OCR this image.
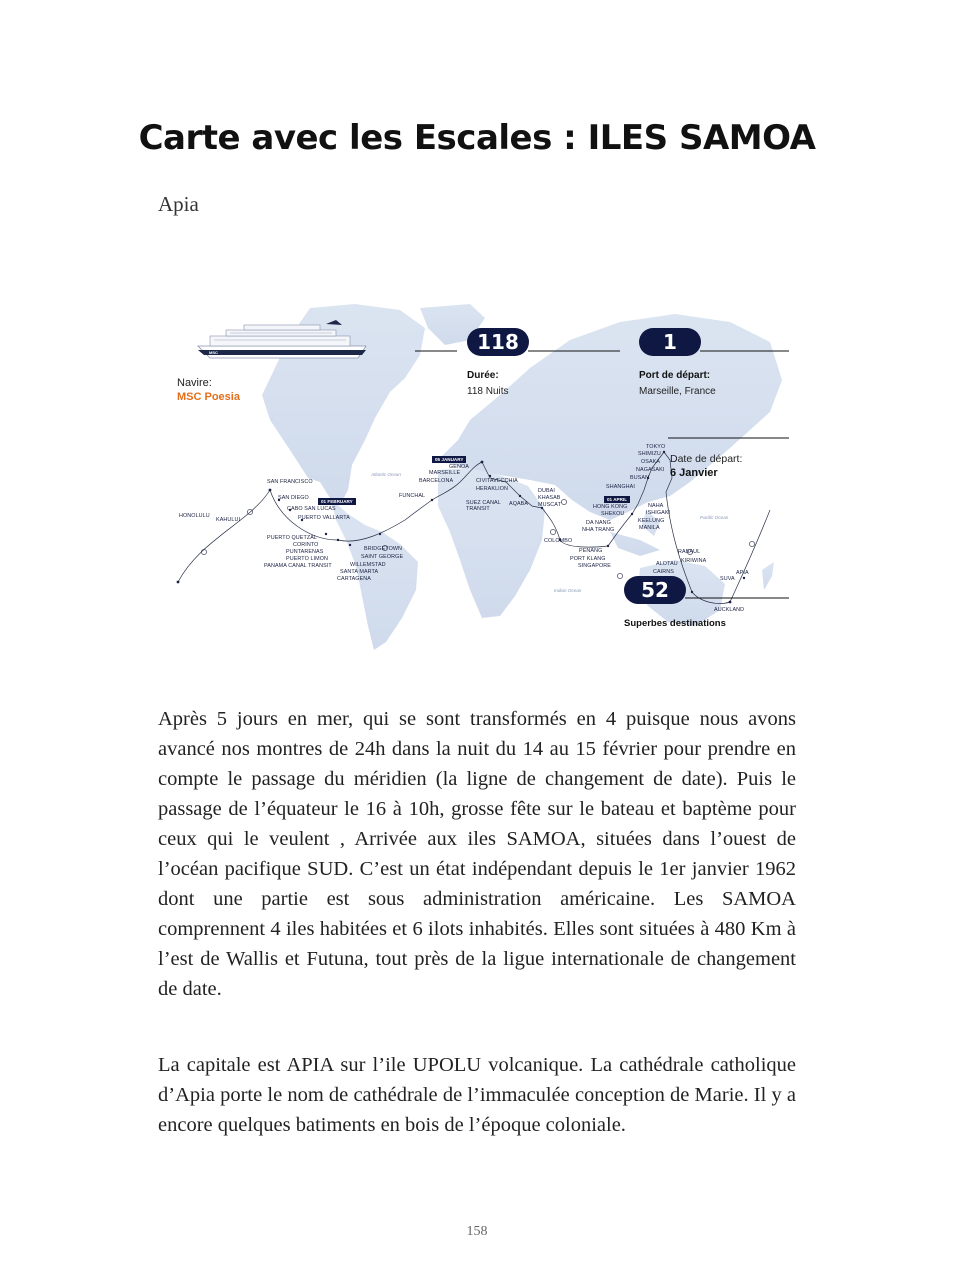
Carte avec les Escales : ILES SAMOA
Apia
MSC
Navire:
MSC Poesia
118
Durée:
118 Nuits
1
Port de départ:
Marseille, France
Date de départ:
6 Janvier
52
Superbes destinations
05 JANUARY
01 FEBRUARY	01 APRIL
Atlantic Ocean
Pacific Ocean
Indian Ocean
HONOLULU
KAHULUI
SAN FRANCISCO
SAN DIEGO
CABO SAN LUCAS
PUERTO VALLARTA
PUERTO QUETZAL
CORINTO
PUNTARENAS
PUERTO LIMON
PANAMA CANAL TRANSIT
SANTA MARTA
CARTAGENA
BRIDGETOWN
SAINT GEORGE
WILLEMSTAD
FUNCHAL
BARCELONA
MARSEILLE
GENOA
CIVITAVECCHIA
HERAKLION
SUEZ CANAL
TRANSIT
AQABA
DUBAI
KHASAB
MUSCAT
COLOMBO
PENANG
PORT KLANG
SINGAPORE
HONG KONG
SHEKOU
DA NANG
NHA TRANG
SHANGHAI
TOKYO
SHIMIZU
OSAKA
NAGASAKI
BUSAN
NAHA
ISHIGAKI
KEELUNG
MANILA
RABAUL
KIRIWINA
ALOTAU
CAIRNS	APIA
SUVA
AUCKLAND

Après 5 jours en mer, qui se sont transformés en 4 puisque nous avons avancé nos montres de 24h dans la nuit du 14 au 15 février pour prendre en compte le passage du méridien (la ligne de changement de date). Puis le passage de l’équateur le 16 à 10h, grosse fête sur le bateau et baptème pour ceux qui le veulent , Arrivée aux iles SAMOA, situées dans l’ouest de l’océan pacifique SUD. C’est un état indépendant depuis le 1er janvier 1962 dont une partie est sous administration américaine. Les SAMOA comprennent 4 iles habitées et 6 ilots inhabités. Elles sont situées à 480 Km à l’est de Wallis et Futuna, tout près de la ligue internationale de changement de date.

La capitale est APIA sur l’ile UPOLU volcanique. La cathédrale catholique d’Apia porte le nom de cathédrale de l’immaculée conception de Marie. Il y a encore quelques batiments en bois de l’époque coloniale.

158
